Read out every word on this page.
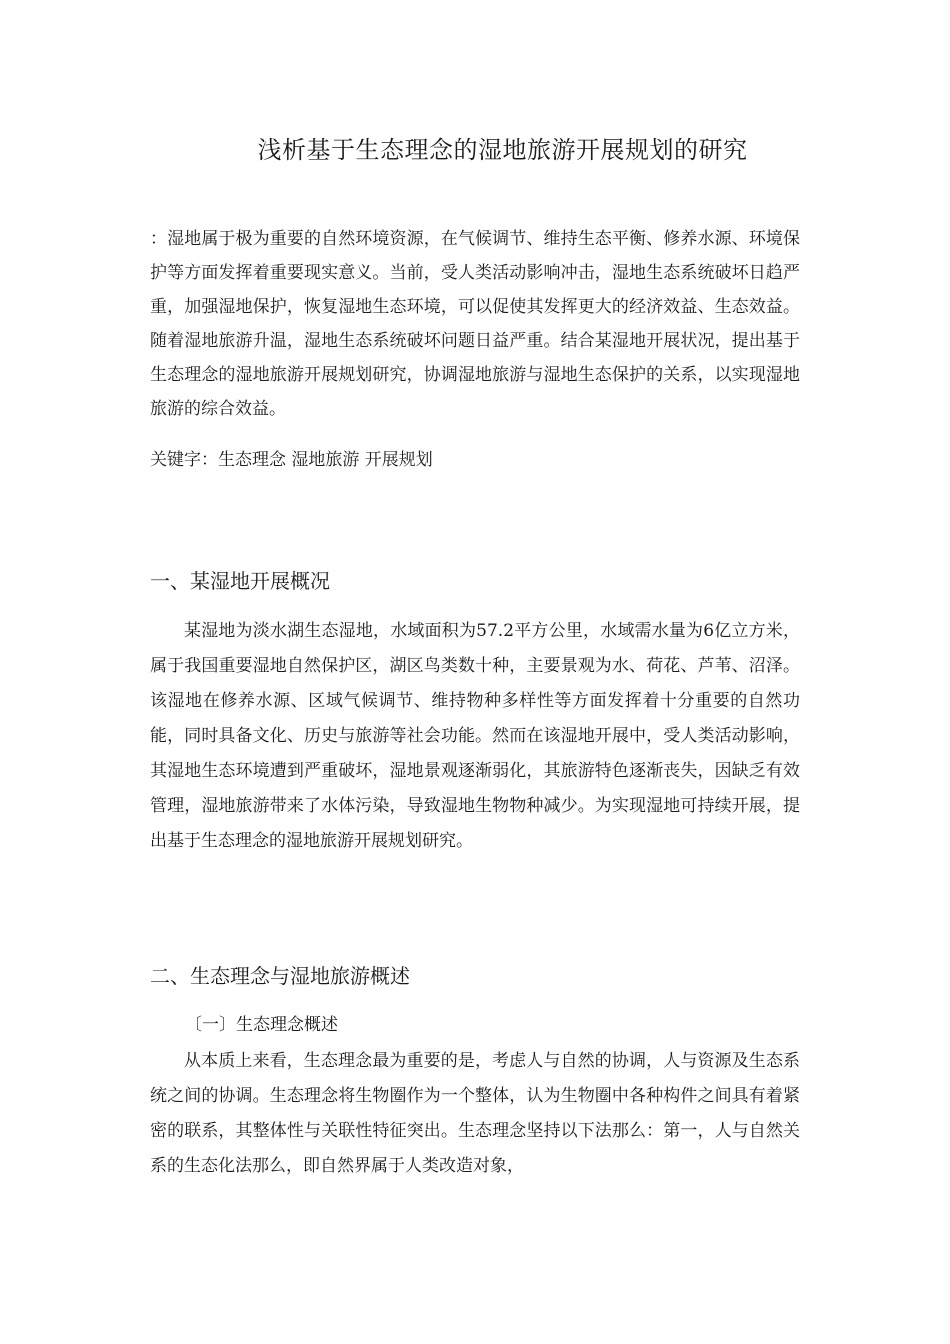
浅析基于生态理念的湿地旅游开展规划的研究

：湿地属于极为重要的自然环境资源，在气候调节、维持生态平衡、修养水源、环境保护等方面发挥着重要现实意义。当前，受人类活动影响冲击，湿地生态系统破坏日趋严重，加强湿地保护，恢复湿地生态环境，可以促使其发挥更大的经济效益、生态效益。随着湿地旅游升温，湿地生态系统破坏问题日益严重。结合某湿地开展状况，提出基于生态理念的湿地旅游开展规划研究，协调湿地旅游与湿地生态保护的关系，以实现湿地旅游的综合效益。

关键字：生态理念 湿地旅游 开展规划

一、某湿地开展概况

某湿地为淡水湖生态湿地，水域面积为57.2平方公里，水域需水量为6亿立方米，属于我国重要湿地自然保护区，湖区鸟类数十种，主要景观为水、荷花、芦苇、沼泽。该湿地在修养水源、区域气候调节、维持物种多样性等方面发挥着十分重要的自然功能，同时具备文化、历史与旅游等社会功能。然而在该湿地开展中，受人类活动影响，其湿地生态环境遭到严重破坏，湿地景观逐渐弱化，其旅游特色逐渐丧失，因缺乏有效管理，湿地旅游带来了水体污染，导致湿地生物物种减少。为实现湿地可持续开展，提出基于生态理念的湿地旅游开展规划研究。

二、生态理念与湿地旅游概述
〔一〕生态理念概述

从本质上来看，生态理念最为重要的是，考虑人与自然的协调，人与资源及生态系统之间的协调。生态理念将生物圈作为一个整体，认为生物圈中各种构件之间具有着紧密的联系，其整体性与关联性特征突出。生态理念坚持以下法那么：第一，人与自然关系的生态化法那么，即自然界属于人类改造对象，
